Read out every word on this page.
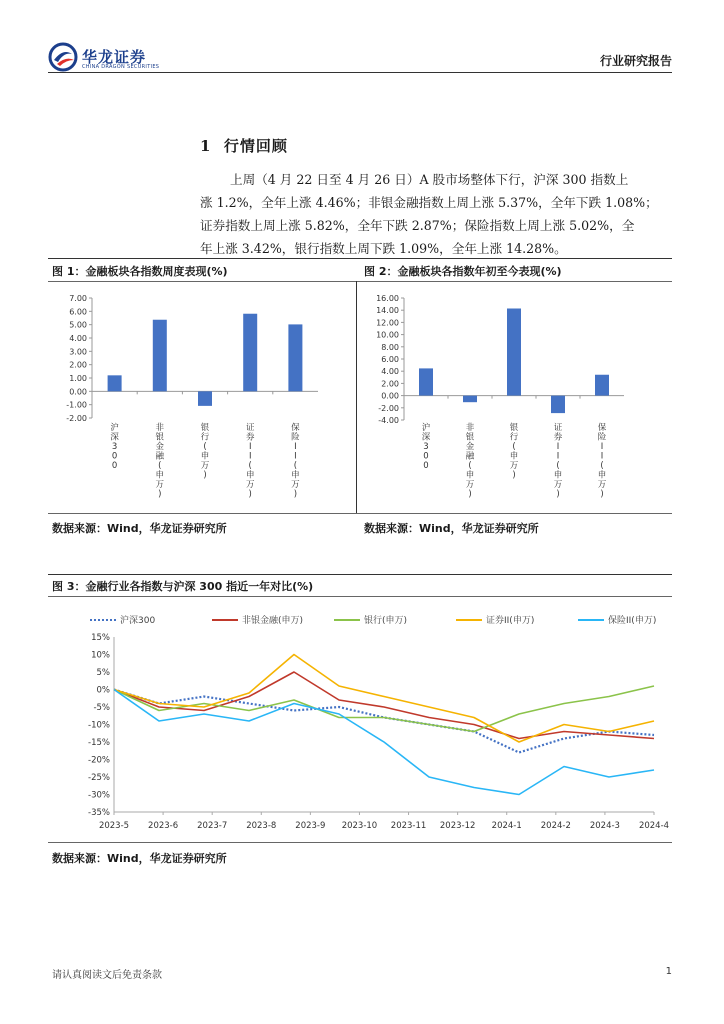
华龙证券
CHINA DRAGON SECURITIES	行业研究报告
1 行情回顾
上周（4 月 22 日至 4 月 26 日）A 股市场整体下行，沪深 300 指数上
涨 1.2%，全年上涨 4.46%；非银金融指数上周上涨 5.37%，全年下跌 1.08%；
证券指数上周上涨 5.82%，全年下跌 2.87%；保险指数上周上涨 5.02%，全
年上涨 3.42%，银行指数上周下跌 1.09%，全年上涨 14.28%。
图 1：金融板块各指数周度表现(%)	图 2：金融板块各指数年初至今表现(%)
7.00
6.00
5.00
4.00
3.00
2.00
1.00
0.00
-1.00
-2.00
沪
深
3
0
0
非
银
金
融
(
申
万
)
银
行
(
申
万
)
证
券
I
I
(
申
万
)
保
险
I
I
(
申
万
)
16.00
14.00
12.00
10.00
8.00
6.00
4.00
2.00
0.00
-2.00
-4.00
沪
深
3
0
0
非
银
金
融
(
申
万
)
银
行
(
申
万
)
证
券
I
I
(
申
万
)
保
险
I
I
(
申
万
)
数据来源：Wind，华龙证券研究所	数据来源：Wind，华龙证券研究所
图 3：金融行业各指数与沪深 300 指近一年对比(%)
沪深300	非银金融(申万)	银行(申万)	证券II(申万)	保险II(申万)
15%
10%
5%
0%
-5%
-10%
-15%
-20%
-25%
-30%
-35%
2023-5 2023-6 2023-7 2023-8 2023-9 2023-10 2023-11 2023-12 2024-1 2024-2 2024-3 2024-4
数据来源：Wind，华龙证券研究所
请认真阅读文后免责条款	1
